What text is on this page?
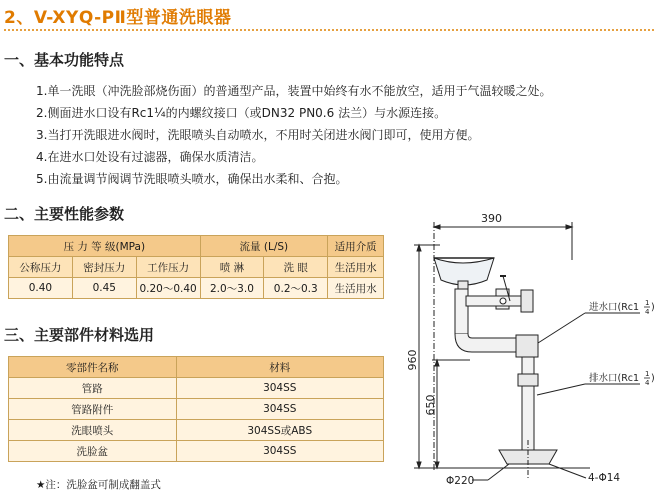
2、V-XYQ-PⅡ型普通洗眼器
一、基本功能特点
1.单一洗眼（冲洗脸部烧伤面）的普通型产品，装置中始终有水不能放空，适用于气温较暖之处。
2.侧面进水口设有Rc1¼的内螺纹接口（或DN32 PN0.6 法兰）与水源连接。
3.当打开洗眼进水阀时，洗眼喷头自动喷水，不用时关闭进水阀门即可，使用方便。
4.在进水口处设有过滤器，确保水质清洁。
5.由流量调节阀调节洗眼喷头喷水，确保出水柔和、合抱。
二、主要性能参数
压 力 等 级(MPa)			流量 (L/S)		适用介质
公称压力	密封压力	工作压力	喷 淋	洗 眼	生活用水
0.40	0.45	0.20～0.40	2.0～3.0	0.2～0.3	生活用水
三、主要部件材料选用
零部件名称	材料
管路	304SS
管路附件	304SS
洗眼喷头	304SS或ABS
洗脸盆	304SS
★注：洗脸盆可制成翻盖式
390
960
650
Φ220	4-Φ14
进水口(Rc1 1
4 )
排水口(Rc1 1
4 )
